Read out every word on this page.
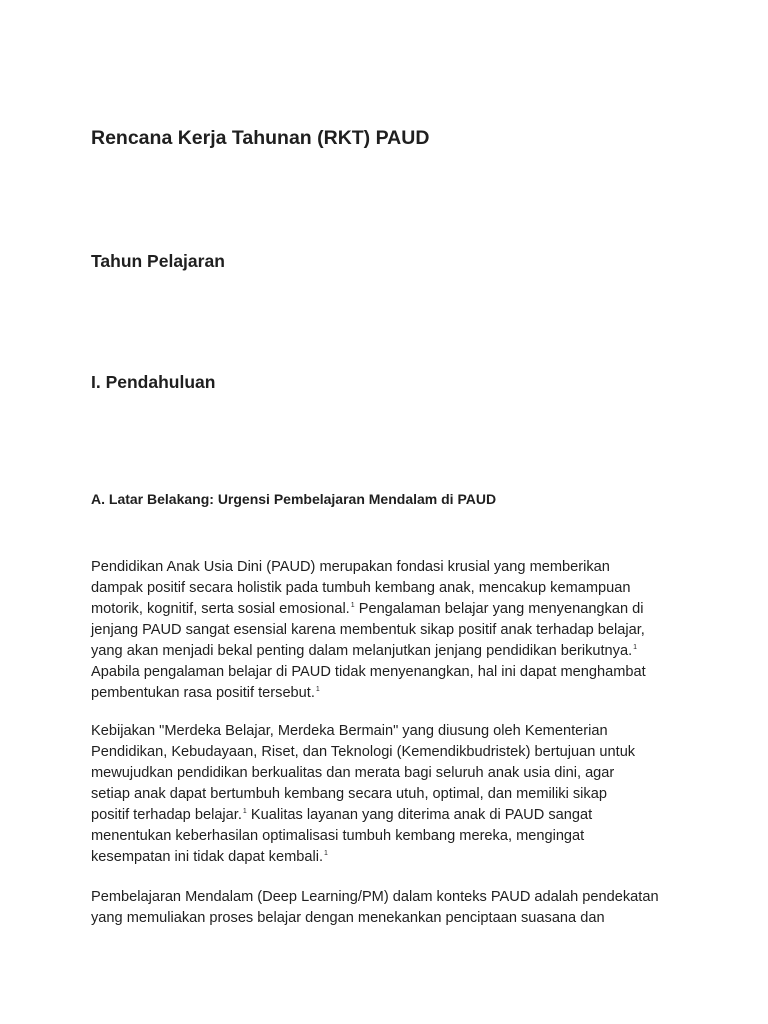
Rencana Kerja Tahunan (RKT) PAUD
Tahun Pelajaran
I. Pendahuluan
A. Latar Belakang: Urgensi Pembelajaran Mendalam di PAUD

Pendidikan Anak Usia Dini (PAUD) merupakan fondasi krusial yang memberikan
dampak positif secara holistik pada tumbuh kembang anak, mencakup kemampuan
motorik, kognitif, serta sosial emosional.$^1$ Pengalaman belajar yang menyenangkan di
jenjang PAUD sangat esensial karena membentuk sikap positif anak terhadap belajar,
yang akan menjadi bekal penting dalam melanjutkan jenjang pendidikan berikutnya.$^1$
Apabila pengalaman belajar di PAUD tidak menyenangkan, hal ini dapat menghambat
pembentukan rasa positif tersebut.$^1$

Kebijakan "Merdeka Belajar, Merdeka Bermain" yang diusung oleh Kementerian
Pendidikan, Kebudayaan, Riset, dan Teknologi (Kemendikbudristek) bertujuan untuk
mewujudkan pendidikan berkualitas dan merata bagi seluruh anak usia dini, agar
setiap anak dapat bertumbuh kembang secara utuh, optimal, dan memiliki sikap
positif terhadap belajar.$^1$ Kualitas layanan yang diterima anak di PAUD sangat
menentukan keberhasilan optimalisasi tumbuh kembang mereka, mengingat
kesempatan ini tidak dapat kembali.$^1$

Pembelajaran Mendalam (Deep Learning/PM) dalam konteks PAUD adalah pendekatan
yang memuliakan proses belajar dengan menekankan penciptaan suasana dan
